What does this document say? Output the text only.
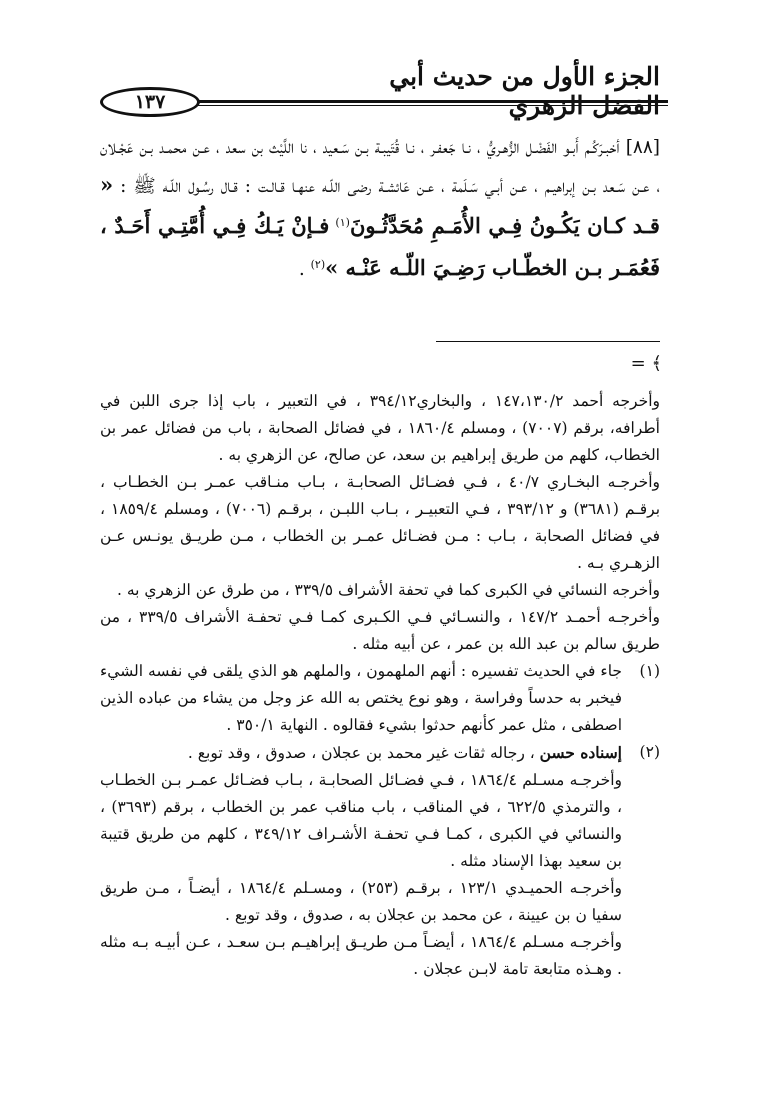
الجزء الأول من حديث أبي
١٣٧
[٨٨] أخبـرَكُـم أَبـو الفَضْـل الزُّهـريُّ ، نـا جَعفـر ، نـا قُتَيبـة بـن سَـعيد ، نا اللَّيْث بن سعد ، عـن محمـد بـن عَجْـلان ، عـن سَـعد بـن إبراهيـم ، عـن أبـي سَـلَمة ، عـن عَائشـة رضى اللّـه عنهـا قـالـت : قـال رسُـول اللّـه ﷺ : « قـد كـان يَكُـونُ فِـي الأُمَـمِ مُحَدَّثُـونَ$^{(١)}$ فـإنْ يَـكُ فِـي أُمَّتِـي أَحَـدٌ ، فَعُمَـر بـن الخطّـاب رَضِـيَ اللّـه عَنْـه »$^{(٢)}$ .
= ﴾

وأخرجه أحمد ١٤٧،١٣٠/٢ ، والبخاري٣٩٤/١٢ ، في التعبير ، باب إذا جرى اللبن في أطرافه، برقم (٧٠٠٧) ، ومسلم ١٨٦٠/٤ ، في فضائل الصحابة ، باب من فضائل عمر بن الخطاب، كلهم من طريق إبراهيم بن سعد، عن صالح، عن الزهري به .

وأخرجـه البخـاري ٤٠/٧ ، فـي فضـائل الصحابـة ، بـاب منـاقب عمـر بـن الخطـاب ، برقـم (٣٦٨١) و ٣٩٣/١٢ ، فـي التعبيـر ، بـاب اللبـن ، برقـم (٧٠٠٦) ، ومسلم ١٨٥٩/٤ ، في فضائل الصحابة ، بـاب : مـن فضـائل عمـر بن الخطاب ، مـن طريـق يونـس عـن الزهـري بـه .

وأخرجه النسائي في الكبرى كما في تحفة الأشراف ٣٣٩/٥ ، من طرق عن الزهري به .

وأخرجـه أحمـد ١٤٧/٢ ، والنسـائي فـي الكـبرى كمـا فـي تحفـة الأشراف ٣٣٩/٥ ، من طريق سالم بن عبد الله بن عمر ، عن أبيه مثله .

(١)

جاء في الحديث تفسيره : أنهم الملهمون ، والملهم هو الذي يلقى في نفسه الشيء فيخبر به حدساً وفراسة ، وهو نوع يختص به الله عز وجل من يشاء من عباده الذين اصطفى ، مثل عمر كأنهم حدثوا بشيء فقالوه . النهاية ٣٥٠/١ .

(٢)

إسناده حسن ، رجاله ثقات غير محمد بن عجلان ، صدوق ، وقد توبع .

وأخرجـه مسـلم ١٨٦٤/٤ ، فـي فضـائل الصحابـة ، بـاب فضـائل عمـر بـن الخطـاب ، والترمذي ٦٢٢/٥ ، في المناقب ، باب مناقب عمر بن الخطاب ، برقم (٣٦٩٣) ، والنسائي في الكبرى ، كمـا فـي تحفـة الأشـراف ٣٤٩/١٢ ، كلهم من طريق قتيبة بن سعيد بهذا الإسناد مثله .

وأخرجـه الحميـدي ١٢٣/١ ، برقـم (٢٥٣) ، ومسـلم ١٨٦٤/٤ ، أيضـاً ، مـن طريق سفيا ن بن عيينة ، عن محمد بن عجلان به ، صدوق ، وقد توبع .

وأخرجـه مسـلم ١٨٦٤/٤ ، أيضـاً مـن طريـق إبراهيـم بـن سعـد ، عـن أبيـه بـه مثله . وهـذه متابعة تامة لابـن عجلان .
